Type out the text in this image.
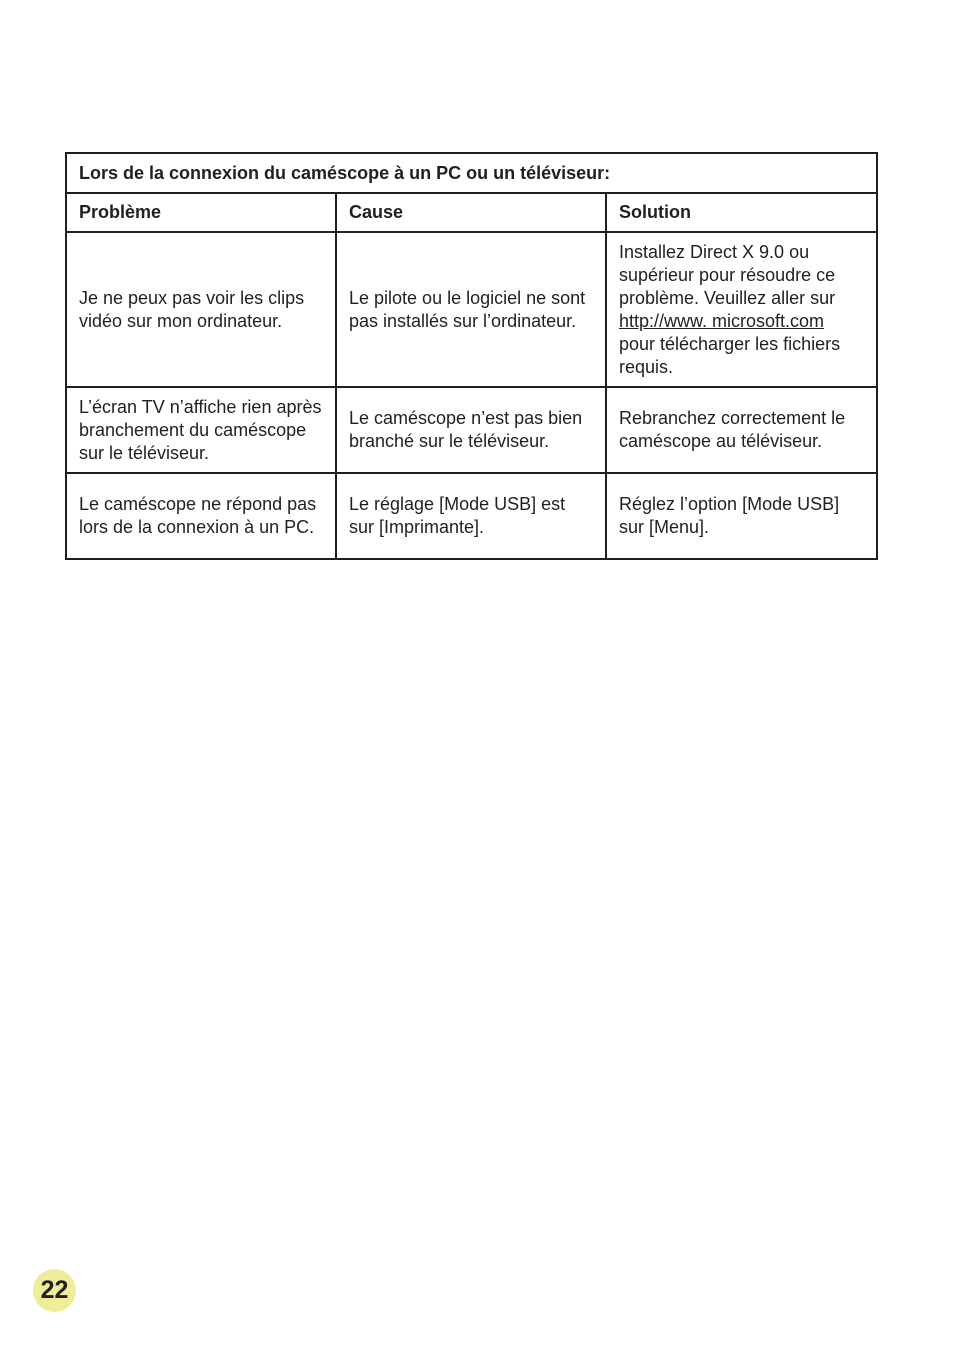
Lors de la connexion du caméscope à un PC ou un téléviseur:		
Problème	Cause	Solution
Je ne peux pas voir les clips vidéo sur mon ordinateur.	Le pilote ou le logiciel ne sont pas installés sur l’ordinateur.	Installez Direct X 9.0 ou supérieur pour résoudre ce problème. Veuillez aller sur http://www. microsoft.com pour télécharger les fichiers requis.
L’écran TV n’affiche rien après branchement du caméscope sur le téléviseur.	Le caméscope n’est pas bien branché sur le téléviseur.	Rebranchez correctement le caméscope au téléviseur.
Le caméscope ne répond pas lors de la connexion à un PC.	Le réglage [Mode USB] est sur [Imprimante].	Réglez l’option [Mode USB] sur [Menu].
22
